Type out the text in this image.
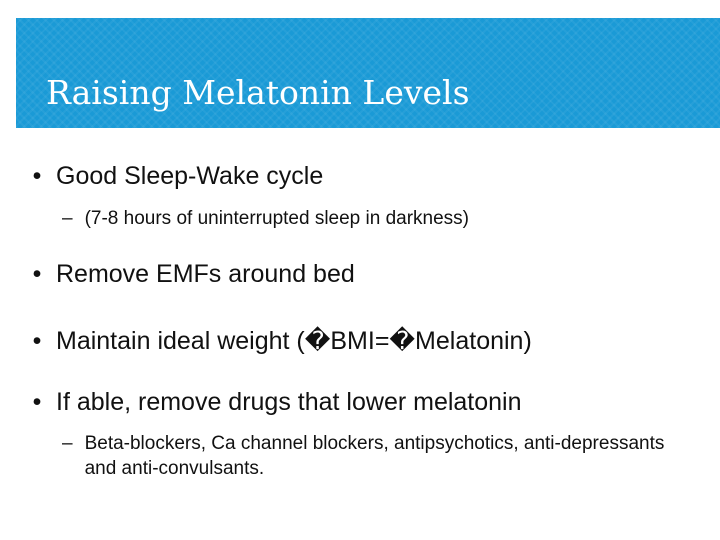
Raising Melatonin Levels
• Good Sleep-Wake cycle
– (7-8 hours of uninterrupted sleep in darkness)
• Remove EMFs around bed
• Maintain ideal weight (�BMI=�Melatonin)
• If able, remove drugs that lower melatonin
– Beta-blockers, Ca channel blockers, antipsychotics, anti-depressants and anti-convulsants.
